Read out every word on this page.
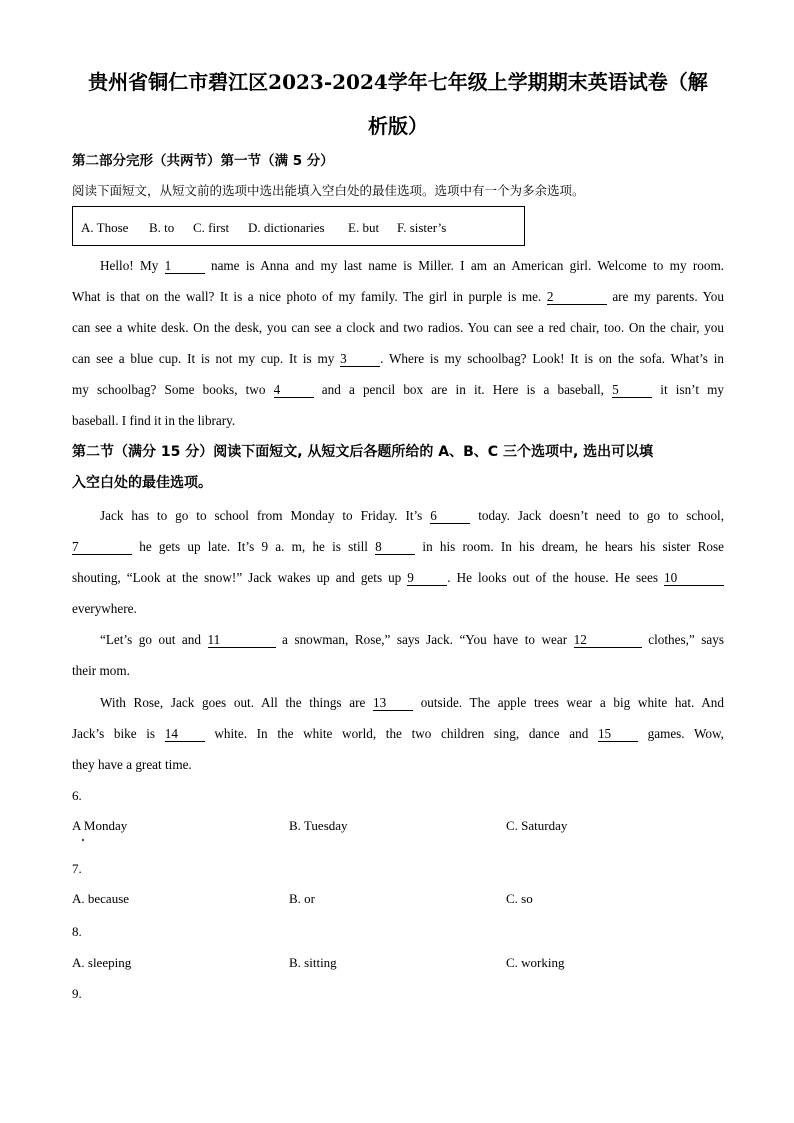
贵州省铜仁市碧江区2023-2024学年七年级上学期期末英语试卷（解
析版）
第二部分完形（共两节）第一节（满 5 分）
阅读下面短文，从短文前的选项中选出能填入空白处的最佳选项。选项中有一个为多余选项。
A. Those B. to C. first D. dictionaries E. but F. sister’s
Hello! My 1	name is Anna and my last name is Miller. I am an American girl. Welcome to my room.
What is that on the wall? It is a nice photo of my family. The girl in purple is me. 2	are my parents. You
can see a white desk. On the desk, you can see a clock and two radios. You can see a red chair, too. On the chair, you
can see a blue cup. It is not my cup. It is my 3	. Where is my schoolbag? Look! It is on the sofa. What’s in
my schoolbag? Some books, two 4	and a pencil box are in it. Here is a baseball, 5	it isn’t my
baseball. I find it in the library.
第二节（满分 15 分）阅读下面短文, 从短文后各题所给的 A、B、C 三个选项中, 选出可以填
入空白处的最佳选项。
Jack has to go to school from Monday to Friday. It’s 6	today. Jack doesn’t need to go to school,
7	he gets up late. It’s 9 a. m, he is still 8	in his room. In his dream, he hears his sister Rose
shouting, “Look at the snow!” Jack wakes up and gets up 9	. He looks out of the house. He sees 10
everywhere.
“Let’s go out and 11	a snowman, Rose,” says Jack. “You have to wear 12	clothes,” says
their mom.
With Rose, Jack goes out. All the things are 13 outside. The apple trees wear a big white hat. And
Jack’s bike is 14 white. In the white world, the two children sing, dance and 15 games. Wow,
they have a great time.
6.
A Monday	B. Tuesday	C. Saturday
7.
A. because	B. or	C. so
8.
A. sleeping	B. sitting	C. working
9.
